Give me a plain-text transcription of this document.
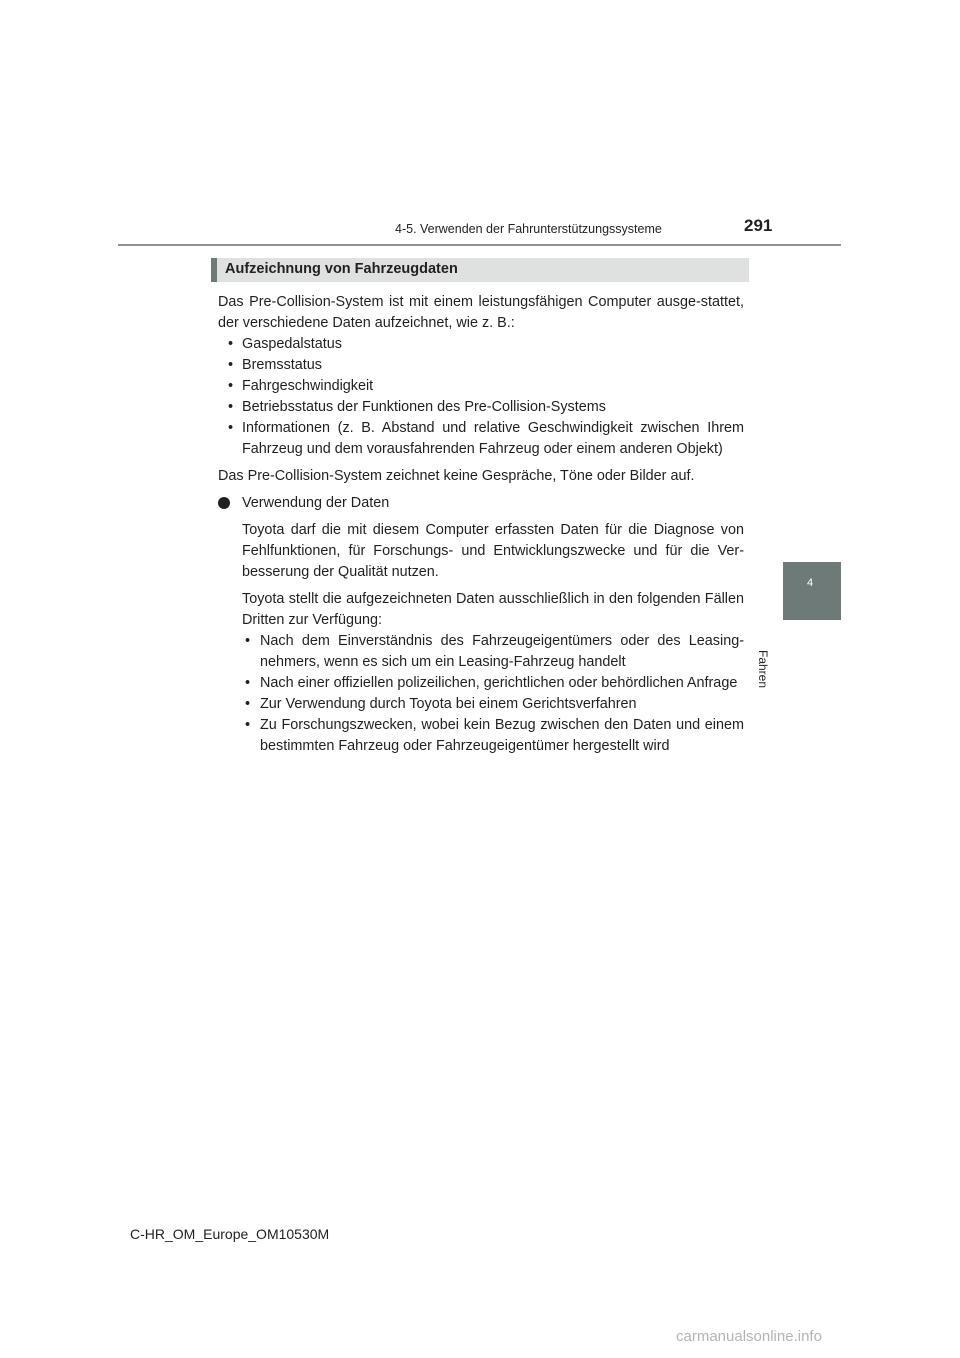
4-5. Verwenden der Fahrunterstützungssysteme	291
4
Fahren
Aufzeichnung von Fahrzeugdaten

Das Pre-Collision-System ist mit einem leistungsfähigen Computer ausge-stattet, der verschiedene Daten aufzeichnet, wie z. B.:

• Gaspedalstatus
• Bremsstatus
• Fahrgeschwindigkeit
• Betriebsstatus der Funktionen des Pre-Collision-Systems
• Informationen (z. B. Abstand und relative Geschwindigkeit zwischen Ihrem Fahrzeug und dem vorausfahrenden Fahrzeug oder einem anderen Objekt)

Das Pre-Collision-System zeichnet keine Gespräche, Töne oder Bilder auf.

Verwendung der Daten

Toyota darf die mit diesem Computer erfassten Daten für die Diagnose von Fehlfunktionen, für Forschungs- und Entwicklungszwecke und für die Ver-besserung der Qualität nutzen.

Toyota stellt die aufgezeichneten Daten ausschließlich in den folgenden Fällen Dritten zur Verfügung:

• Nach dem Einverständnis des Fahrzeugeigentümers oder des Leasing-nehmers, wenn es sich um ein Leasing-Fahrzeug handelt
• Nach einer offiziellen polizeilichen, gerichtlichen oder behördlichen Anfrage
• Zur Verwendung durch Toyota bei einem Gerichtsverfahren
• Zu Forschungszwecken, wobei kein Bezug zwischen den Daten und einem bestimmten Fahrzeug oder Fahrzeugeigentümer hergestellt wird
C-HR_OM_Europe_OM10530M
carmanualsonline.info
